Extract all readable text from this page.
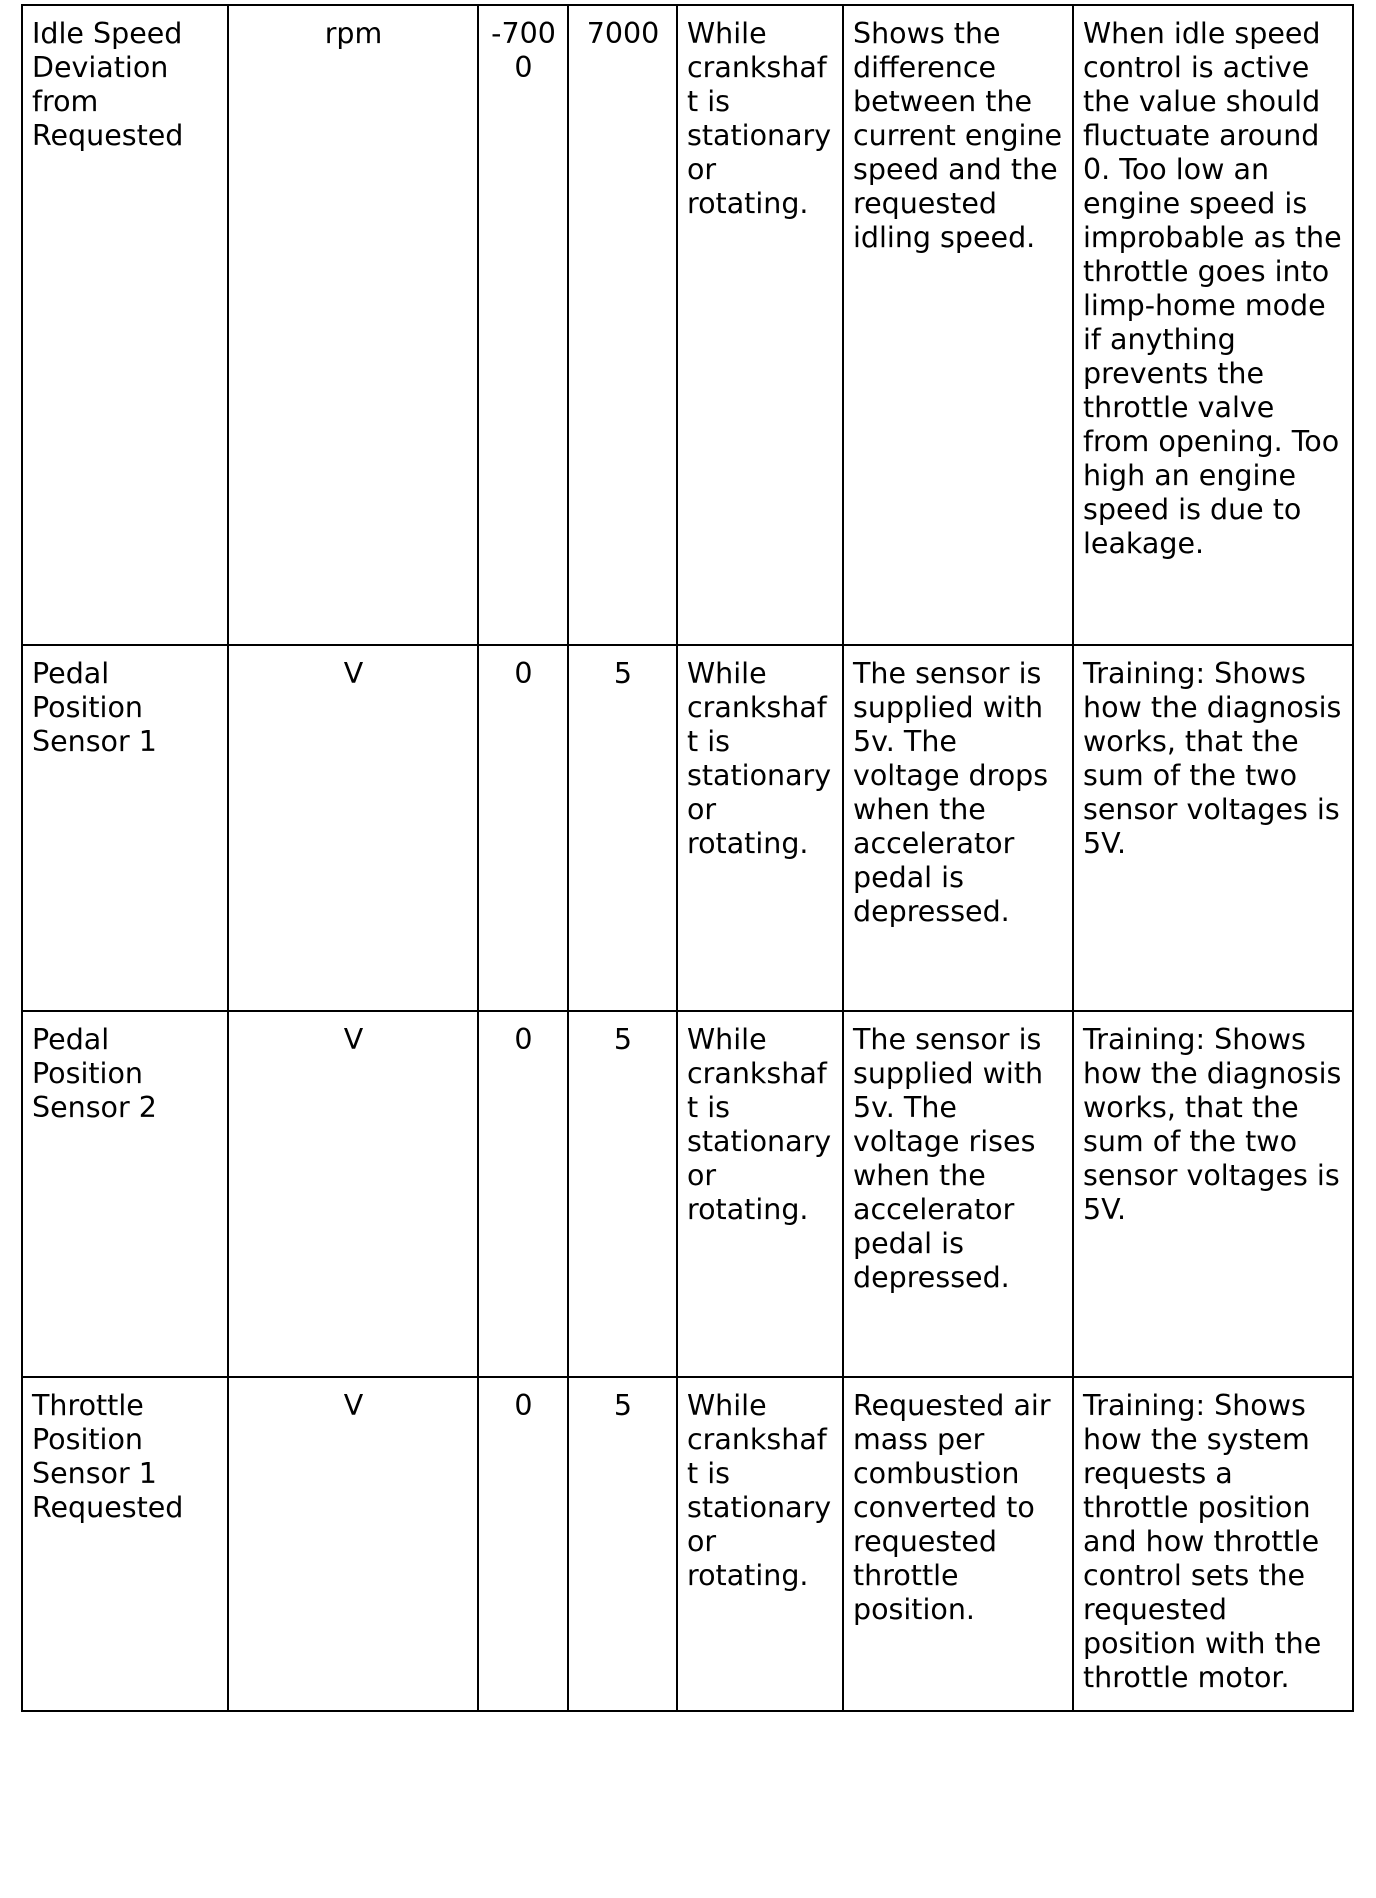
Idle Speed Deviation from Requested	rpm	-7000	7000	While crankshaft is stationary or rotating.	Shows the difference between the current engine speed and the requested idling speed.	When idle speed control is active the value should fluctuate around 0. Too low an engine speed is improbable as the throttle goes into limp-home mode if anything prevents the throttle valve from opening. Too high an engine speed is due to leakage.

Pedal Position Sensor 1	V	0	5	While crankshaft is stationary or rotating.	The sensor is supplied with 5v. The voltage drops when the accelerator pedal is depressed.	Training: Shows how the diagnosis works, that the sum of the two sensor voltages is 5V.

Pedal Position Sensor 2	V	0	5	While crankshaft is stationary or rotating.	The sensor is supplied with 5v. The voltage rises when the accelerator pedal is depressed.	Training: Shows how the diagnosis works, that the sum of the two sensor voltages is 5V.

Throttle Position Sensor 1 Requested	V	0	5	While crankshaft is stationary or rotating.	Requested air mass per combustion converted to requested throttle position.	Training: Shows how the system requests a throttle position and how throttle control sets the requested position with the throttle motor.
